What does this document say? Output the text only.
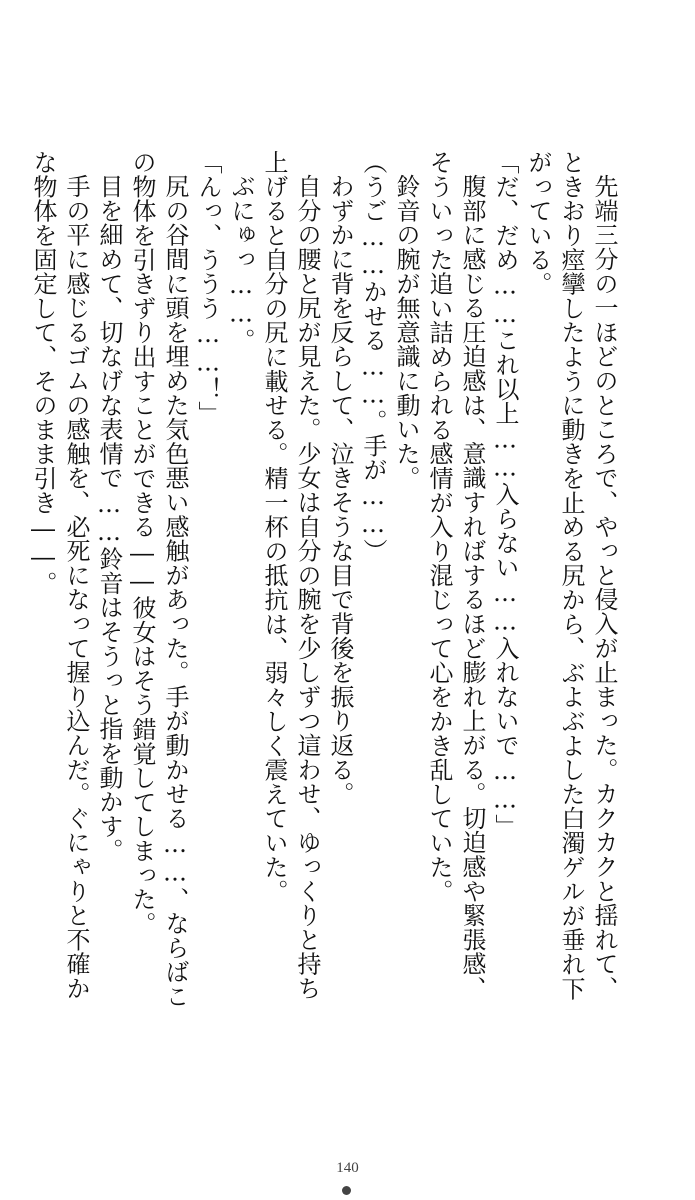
先端三分の一ほどのところで、やっと侵入が止まった。カクカクと揺れて、ときおり痙攣したように動きを止める尻から、ぶよぶよした白濁ゲルが垂れ下がっている。

「だ、だめ……これ以上……入らない……入れないで……」

腹部に感じる圧迫感は、意識すればするほど膨れ上がる。切迫感や緊張感、そういった追い詰められる感情が入り混じって心をかき乱していた。

鈴音の腕が無意識に動いた。

（うご……かせる……。手が……）

わずかに背を反らして、泣きそうな目で背後を振り返る。

自分の腰と尻が見えた。少女は自分の腕を少しずつ這わせ、ゆっくりと持ち上げると自分の尻に載せる。精一杯の抵抗は、弱々しく震えていた。

ぶにゅっ……。

「んっ、ううう……！」

尻の谷間に頭を埋めた気色悪い感触があった。手が動かせる……、ならばこの物体を引きずり出すことができる――彼女はそう錯覚してしまった。

目を細めて、切なげな表情で……鈴音はそうっと指を動かす。

手の平に感じるゴムの感触を、必死になって握り込んだ。ぐにゃりと不確かな物体を固定して、そのまま引き――。

140
